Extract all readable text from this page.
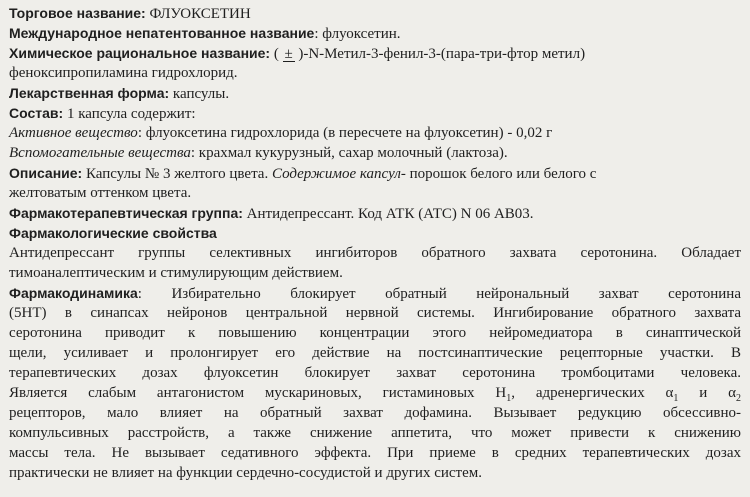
Торговое название: ФЛУОКСЕТИН
Международное непатентованное название: флуоксетин.
Химическое рациональное название: ( ± )-N-Метил-3-фенил-3-(пара-три-фтор метил)
феноксипропиламина гидрохлорид.
Лекарственная форма: капсулы.
Состав: 1 капсула содержит:
Активное вещество: флуоксетина гидрохлорида (в пересчете на флуоксетин) - 0,02 г
Вспомогательные вещества: крахмал кукурузный, сахар молочный (лактоза).
Описание: Капсулы № 3 желтого цвета. Содержимое капсул- порошок белого или белого с
желтоватым оттенком цвета.
Фармакотерапевтическая группа: Антидепрессант. Код АТК (АТС) N 06 АВ03.
Фармакологические свойства
Антидепрессант группы селективных ингибиторов обратного захвата серотонина. Обладает
тимоаналептическим и стимулирующим действием.
Фармакодинамика: Избирательно блокирует обратный нейрональный захват серотонина
(5HT) в синапсах нейронов центральной нервной системы. Ингибирование обратного захвата
серотонина приводит к повышению концентрации этого нейромедиатора в синаптической
щели, усиливает и пролонгирует его действие на постсинаптические рецепторные участки. В
терапевтических дозах флуоксетин блокирует захват серотонина тромбоцитами человека.
Является слабым антагонистом мускариновых, гистаминовых $H_1$, адренергических $\alpha_1$ и $\alpha_2$
рецепторов, мало влияет на обратный захват дофамина. Вызывает редукцию обсессивно-
компульсивных расстройств, а также снижение аппетита, что может привести к снижению
массы тела. Не вызывает седативного эффекта. При приеме в средних терапевтических дозах
практически не влияет на функции сердечно-сосудистой и других систем.
